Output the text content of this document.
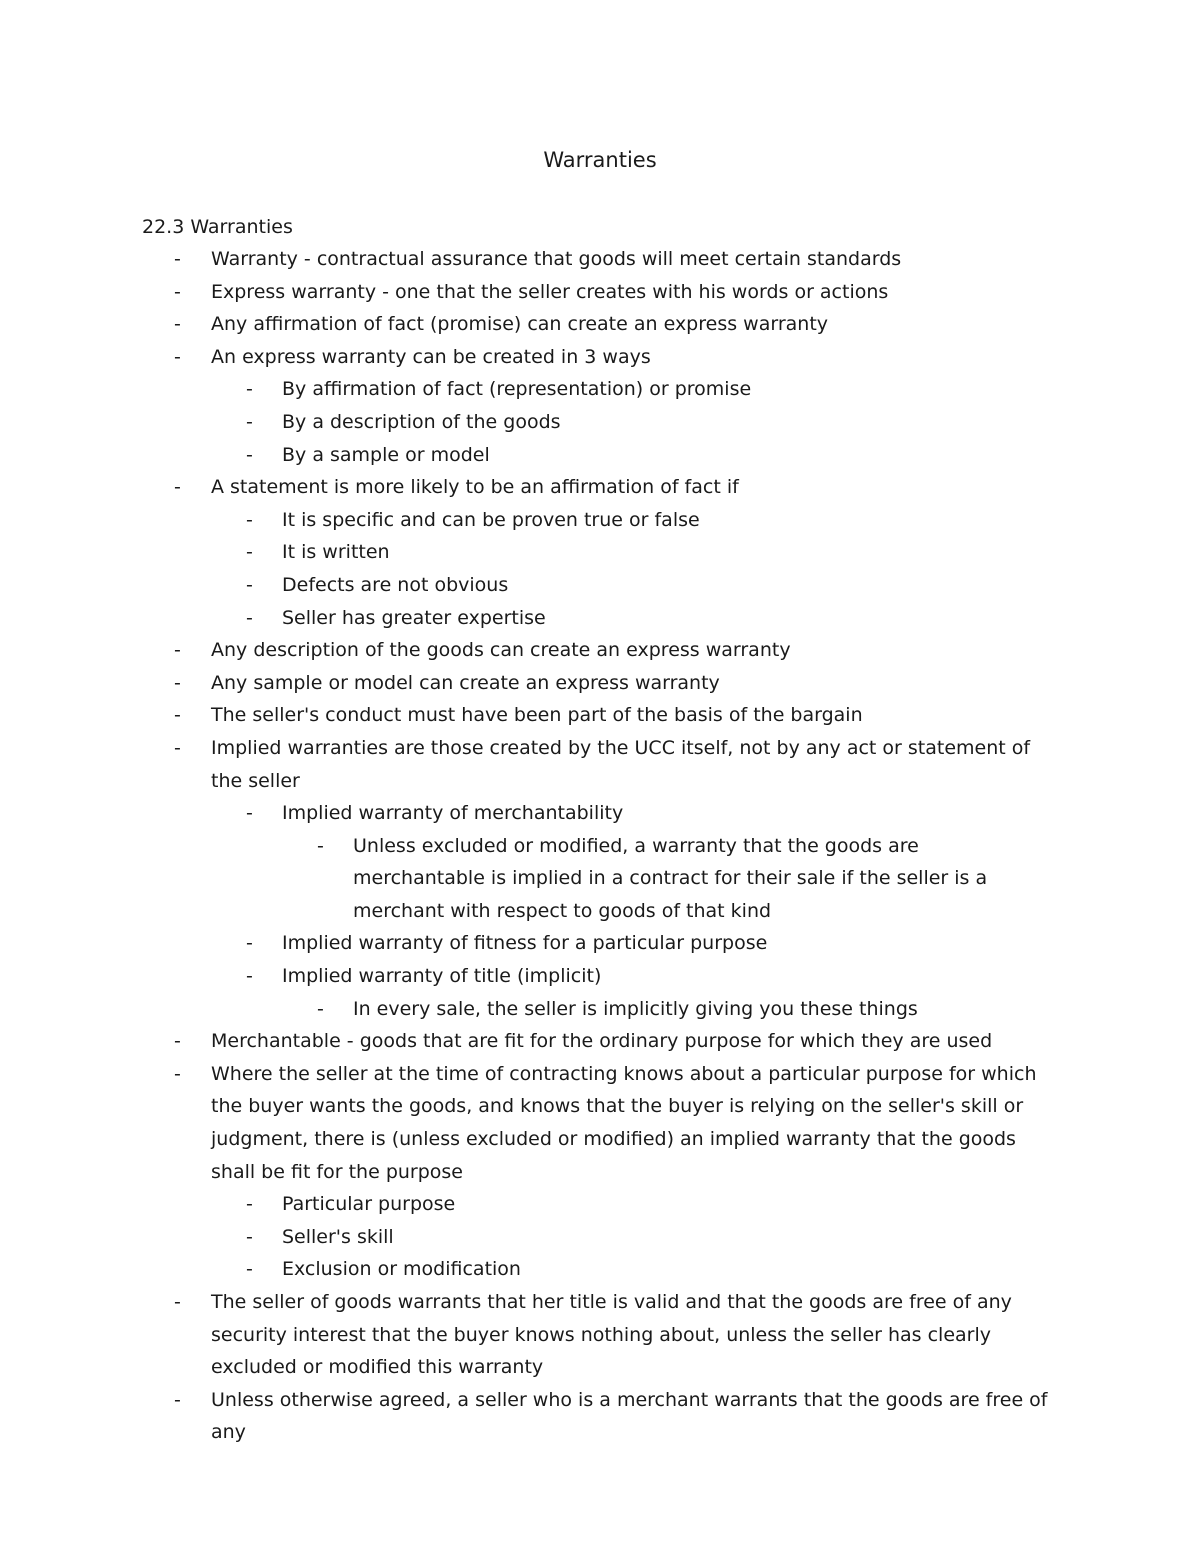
Warranties
22.3 Warranties
- Warranty - contractual assurance that goods will meet certain standards
- Express warranty - one that the seller creates with his words or actions
- Any affirmation of fact (promise) can create an express warranty
- An express warranty can be created in 3 ways
- By affirmation of fact (representation) or promise
- By a description of the goods
- By a sample or model
- A statement is more likely to be an affirmation of fact if
- It is specific and can be proven true or false
- It is written
- Defects are not obvious
- Seller has greater expertise
- Any description of the goods can create an express warranty
- Any sample or model can create an express warranty
- The seller's conduct must have been part of the basis of the bargain
- Implied warranties are those created by the UCC itself, not by any act or statement of the seller
- Implied warranty of merchantability
- Unless excluded or modified, a warranty that the goods are merchantable is implied in a contract for their sale if the seller is a merchant with respect to goods of that kind
- Implied warranty of fitness for a particular purpose
- Implied warranty of title (implicit)
- In every sale, the seller is implicitly giving you these things
- Merchantable - goods that are fit for the ordinary purpose for which they are used
- Where the seller at the time of contracting knows about a particular purpose for which the buyer wants the goods, and knows that the buyer is relying on the seller's skill or judgment, there is (unless excluded or modified) an implied warranty that the goods shall be fit for the purpose
- Particular purpose
- Seller's skill
- Exclusion or modification
- The seller of goods warrants that her title is valid and that the goods are free of any security interest that the buyer knows nothing about, unless the seller has clearly excluded or modified this warranty
- Unless otherwise agreed, a seller who is a merchant warrants that the goods are free of any
